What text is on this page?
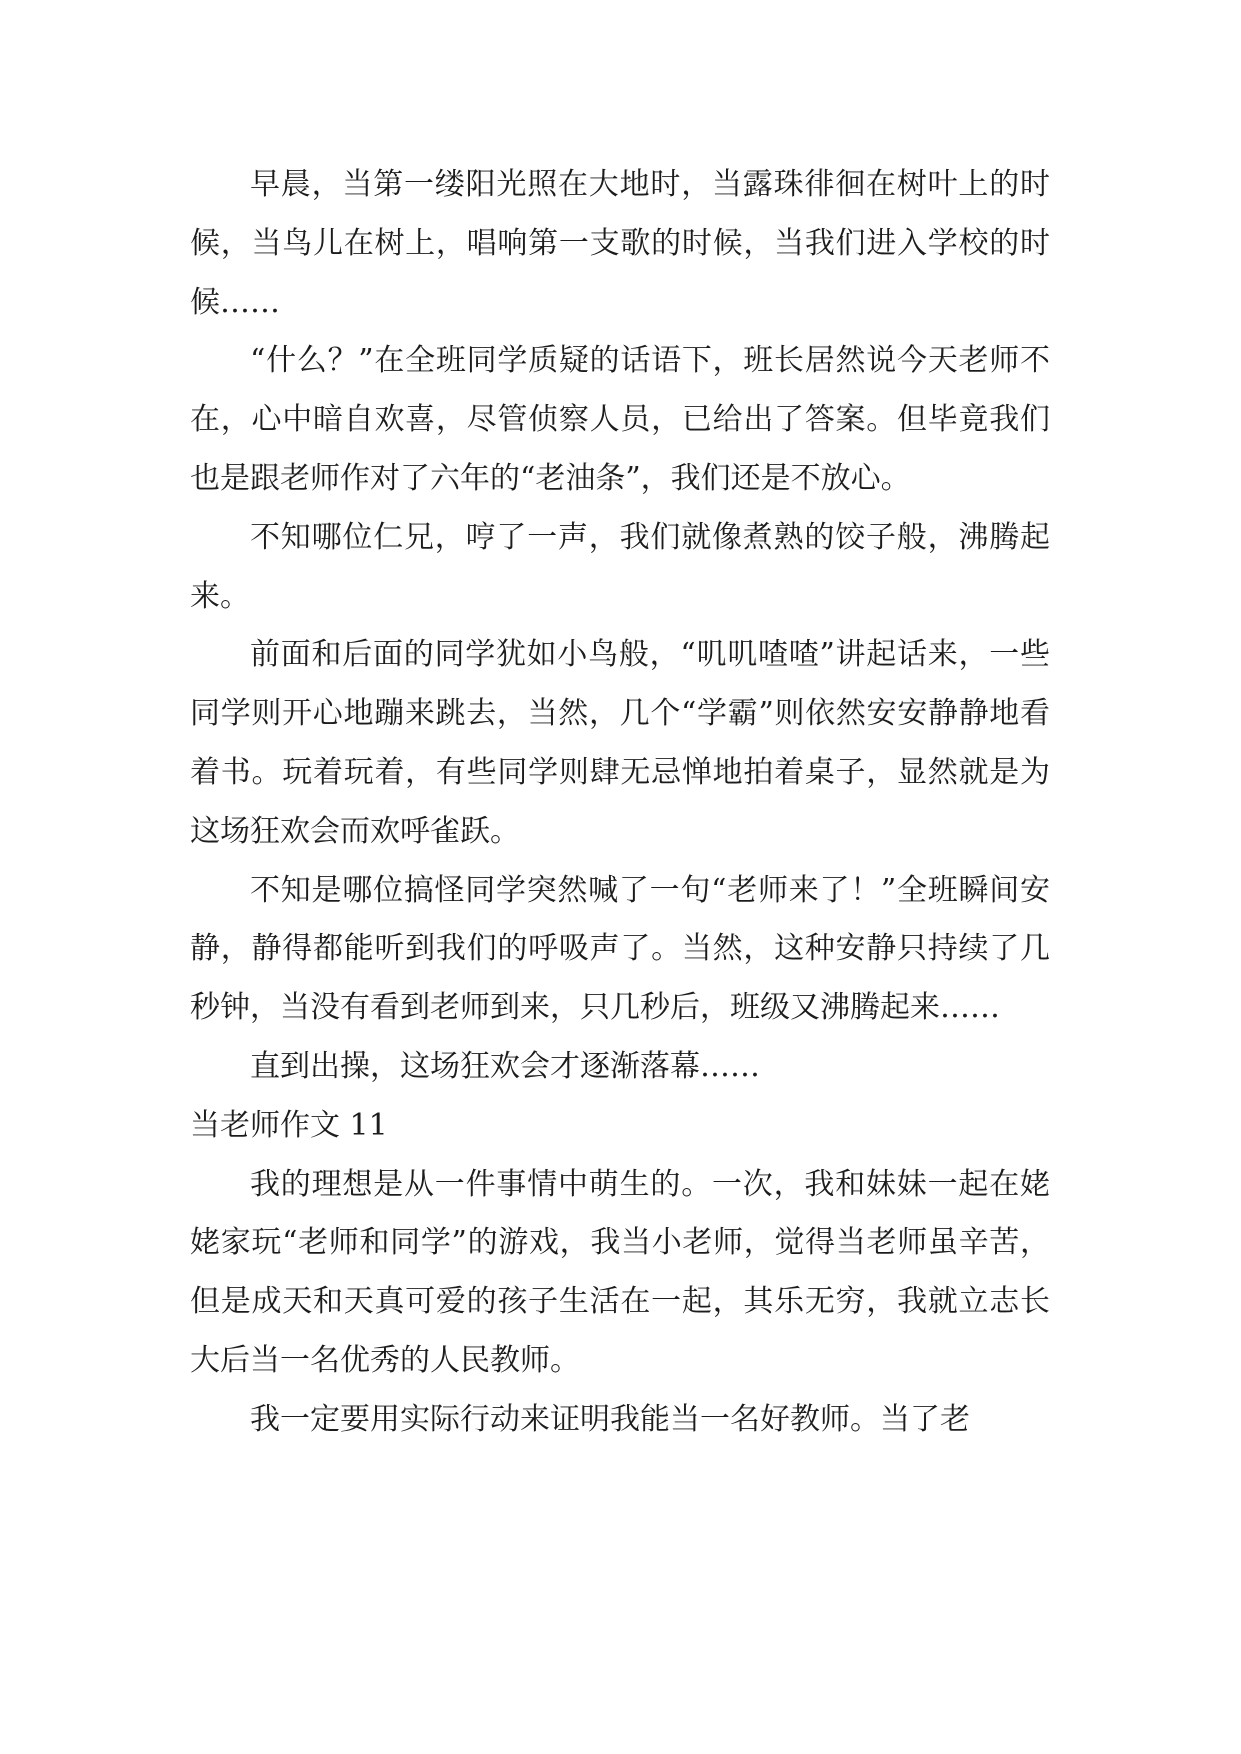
早晨，当第一缕阳光照在大地时，当露珠徘徊在树叶上的时候，当鸟儿在树上，唱响第一支歌的时候，当我们进入学校的时候……

“什么？”在全班同学质疑的话语下，班长居然说今天老师不在，心中暗自欢喜，尽管侦察人员，已给出了答案。但毕竟我们也是跟老师作对了六年的“老油条”，我们还是不放心。

不知哪位仁兄，哼了一声，我们就像煮熟的饺子般，沸腾起来。

前面和后面的同学犹如小鸟般，“叽叽喳喳”讲起话来，一些同学则开心地蹦来跳去，当然，几个“学霸”则依然安安静静地看着书。玩着玩着，有些同学则肆无忌惮地拍着桌子，显然就是为这场狂欢会而欢呼雀跃。

不知是哪位搞怪同学突然喊了一句“老师来了！”全班瞬间安静，静得都能听到我们的呼吸声了。当然，这种安静只持续了几秒钟，当没有看到老师到来，只几秒后，班级又沸腾起来……

直到出操，这场狂欢会才逐渐落幕……

当老师作文 11

我的理想是从一件事情中萌生的。一次，我和妹妹一起在姥姥家玩“老师和同学”的游戏，我当小老师，觉得当老师虽辛苦，但是成天和天真可爱的孩子生活在一起，其乐无穷，我就立志长大后当一名优秀的人民教师。

我一定要用实际行动来证明我能当一名好教师。当了老
